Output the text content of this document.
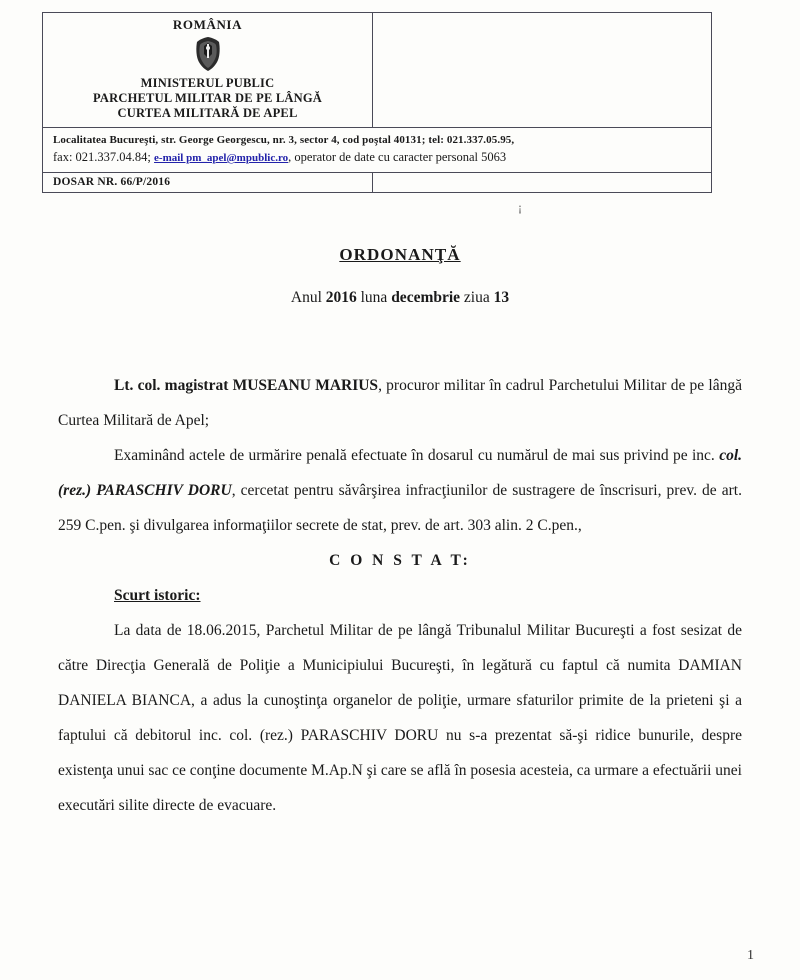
ROMÂNIA
MINISTERUL PUBLIC
PARCHETUL MILITAR DE PE LÂNGĂ
CURTEA MILITARĂ DE APEL
Localitatea Bucureşti, str. George Georgescu, nr. 3, sector 4, cod poştal 40131; tel: 021.337.05.95,
fax: 021.337.04.84; e-mail pm_apel@mpublic.ro, operator de date cu caracter personal 5063
DOSAR NR. 66/P/2016
¡
ORDONANŢĂ
Anul 2016 luna decembrie ziua 13

Lt. col. magistrat MUSEANU MARIUS, procuror militar în cadrul Parchetului Militar de pe lângă Curtea Militară de Apel;

Examinând actele de urmărire penală efectuate în dosarul cu numărul de mai sus privind pe inc. col. (rez.) PARASCHIV DORU, cercetat pentru săvârşirea infracţiunilor de sustragere de înscrisuri, prev. de art. 259 C.pen. şi divulgarea informaţiilor secrete de stat, prev. de art. 303 alin. 2 C.pen.,

C O N S T A T:

Scurt istoric:

La data de 18.06.2015, Parchetul Militar de pe lângă Tribunalul Militar Bucureşti a fost sesizat de către Direcţia Generală de Poliţie a Municipiului Bucureşti, în legătură cu faptul că numita DAMIAN DANIELA BIANCA, a adus la cunoştinţa organelor de poliţie, urmare sfaturilor primite de la prieteni şi a faptului că debitorul inc. col. (rez.) PARASCHIV DORU nu s-a prezentat să-şi ridice bunurile, despre existenţa unui sac ce conţine documente M.Ap.N şi care se află în posesia acesteia, ca urmare a efectuării unei executări silite directe de evacuare.

1
